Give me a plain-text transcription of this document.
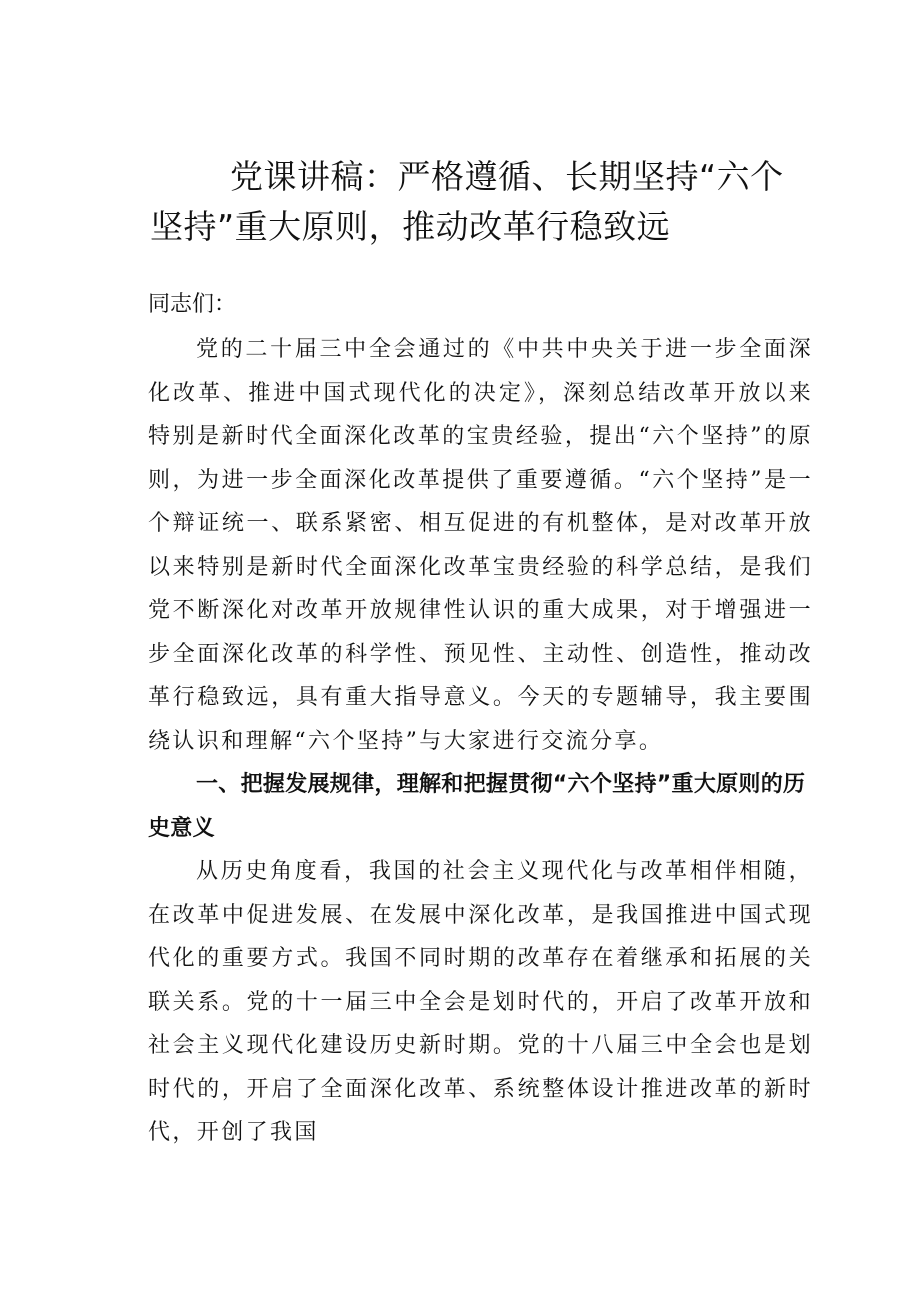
党课讲稿：严格遵循、长期坚持“六个坚持”重大原则，推动改革行稳致远

同志们：

党的二十届三中全会通过的《中共中央关于进一步全面深化改革、推进中国式现代化的决定》，深刻总结改革开放以来特别是新时代全面深化改革的宝贵经验，提出“六个坚持”的原则，为进一步全面深化改革提供了重要遵循。“六个坚持”是一个辩证统一、联系紧密、相互促进的有机整体，是对改革开放以来特别是新时代全面深化改革宝贵经验的科学总结，是我们党不断深化对改革开放规律性认识的重大成果，对于增强进一步全面深化改革的科学性、预见性、主动性、创造性，推动改革行稳致远，具有重大指导意义。今天的专题辅导，我主要围绕认识和理解“六个坚持”与大家进行交流分享。

一、把握发展规律，理解和把握贯彻“六个坚持”重大原则的历史意义

从历史角度看，我国的社会主义现代化与改革相伴相随，在改革中促进发展、在发展中深化改革，是我国推进中国式现代化的重要方式。我国不同时期的改革存在着继承和拓展的关联关系。党的十一届三中全会是划时代的，开启了改革开放和社会主义现代化建设历史新时期。党的十八届三中全会也是划时代的，开启了全面深化改革、系统整体设计推进改革的新时代，开创了我国
